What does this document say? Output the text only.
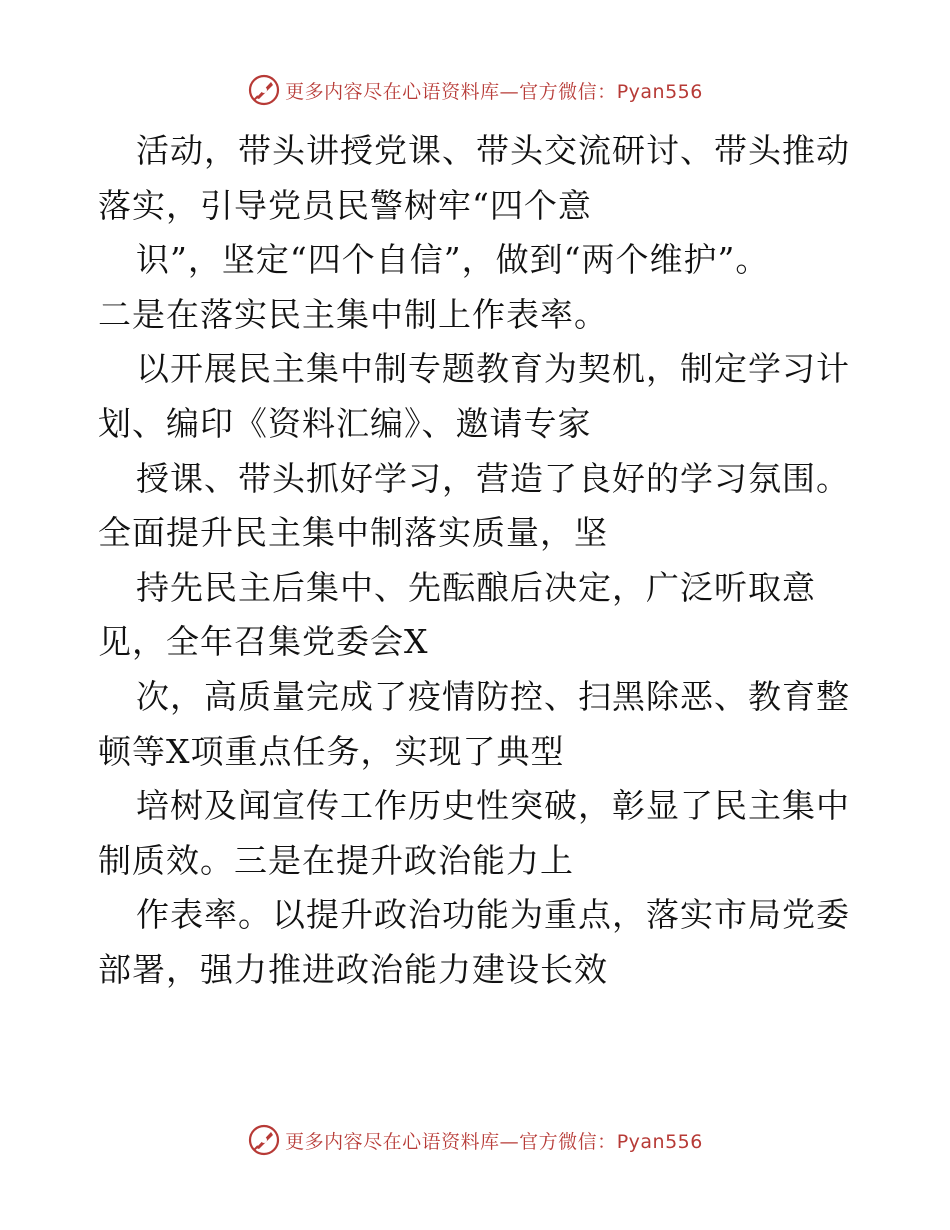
更多内容尽在心语资料库—官方微信：Pyan556
活动，带头讲授党课、带头交流研讨、带头推动
落实，引导党员民警树牢“四个意
识”，坚定“四个自信”，做到“两个维护”。
二是在落实民主集中制上作表率。
以开展民主集中制专题教育为契机，制定学习计
划、编印《资料汇编》、邀请专家
授课、带头抓好学习，营造了良好的学习氛围。
全面提升民主集中制落实质量，坚
持先民主后集中、先酝酿后决定，广泛听取意
见，全年召集党委会X
次，高质量完成了疫情防控、扫黑除恶、教育整
顿等X项重点任务，实现了典型
培树及闻宣传工作历史性突破，彰显了民主集中
制质效。三是在提升政治能力上
作表率。以提升政治功能为重点，落实市局党委
部署，强力推进政治能力建设长效
更多内容尽在心语资料库—官方微信：Pyan556
